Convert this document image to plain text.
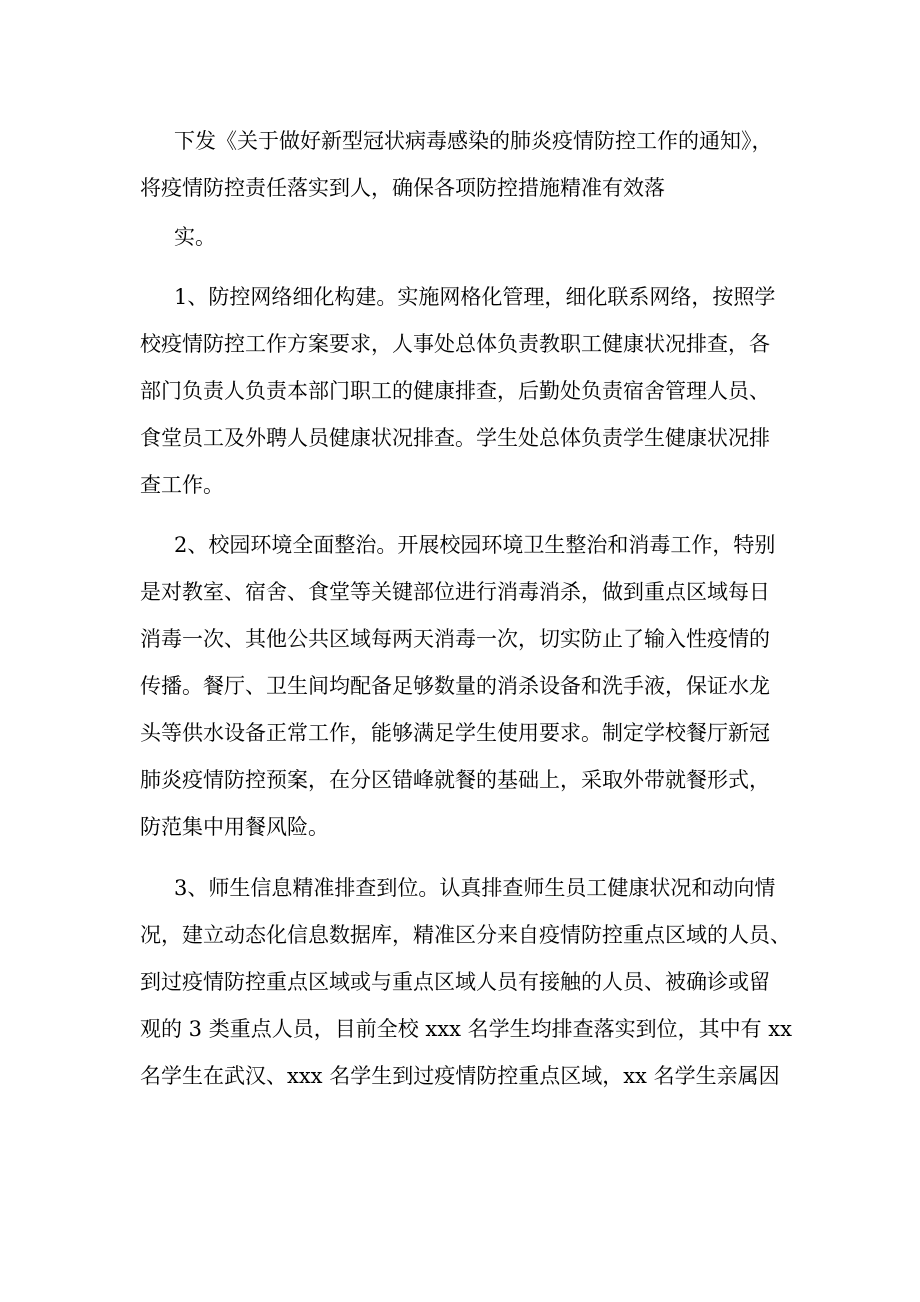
下发《关于做好新型冠状病毒感染的肺炎疫情防控工作的通知》，
将疫情防控责任落实到人，确保各项防控措施精准有效落
实。
1、防控网络细化构建。实施网格化管理，细化联系网络，按照学
校疫情防控工作方案要求，人事处总体负责教职工健康状况排查，各
部门负责人负责本部门职工的健康排查，后勤处负责宿舍管理人员、
食堂员工及外聘人员健康状况排查。学生处总体负责学生健康状况排
查工作。
2、校园环境全面整治。开展校园环境卫生整治和消毒工作，特别
是对教室、宿舍、食堂等关键部位进行消毒消杀，做到重点区域每日
消毒一次、其他公共区域每两天消毒一次，切实防止了输入性疫情的
传播。餐厅、卫生间均配备足够数量的消杀设备和洗手液，保证水龙
头等供水设备正常工作，能够满足学生使用要求。制定学校餐厅新冠
肺炎疫情防控预案，在分区错峰就餐的基础上，采取外带就餐形式，
防范集中用餐风险。
3、师生信息精准排查到位。认真排查师生员工健康状况和动向情
况，建立动态化信息数据库，精准区分来自疫情防控重点区域的人员、
到过疫情防控重点区域或与重点区域人员有接触的人员、被确诊或留
观的 3 类重点人员，目前全校 xxx 名学生均排查落实到位，其中有 xx
名学生在武汉、xxx 名学生到过疫情防控重点区域，xx 名学生亲属因
